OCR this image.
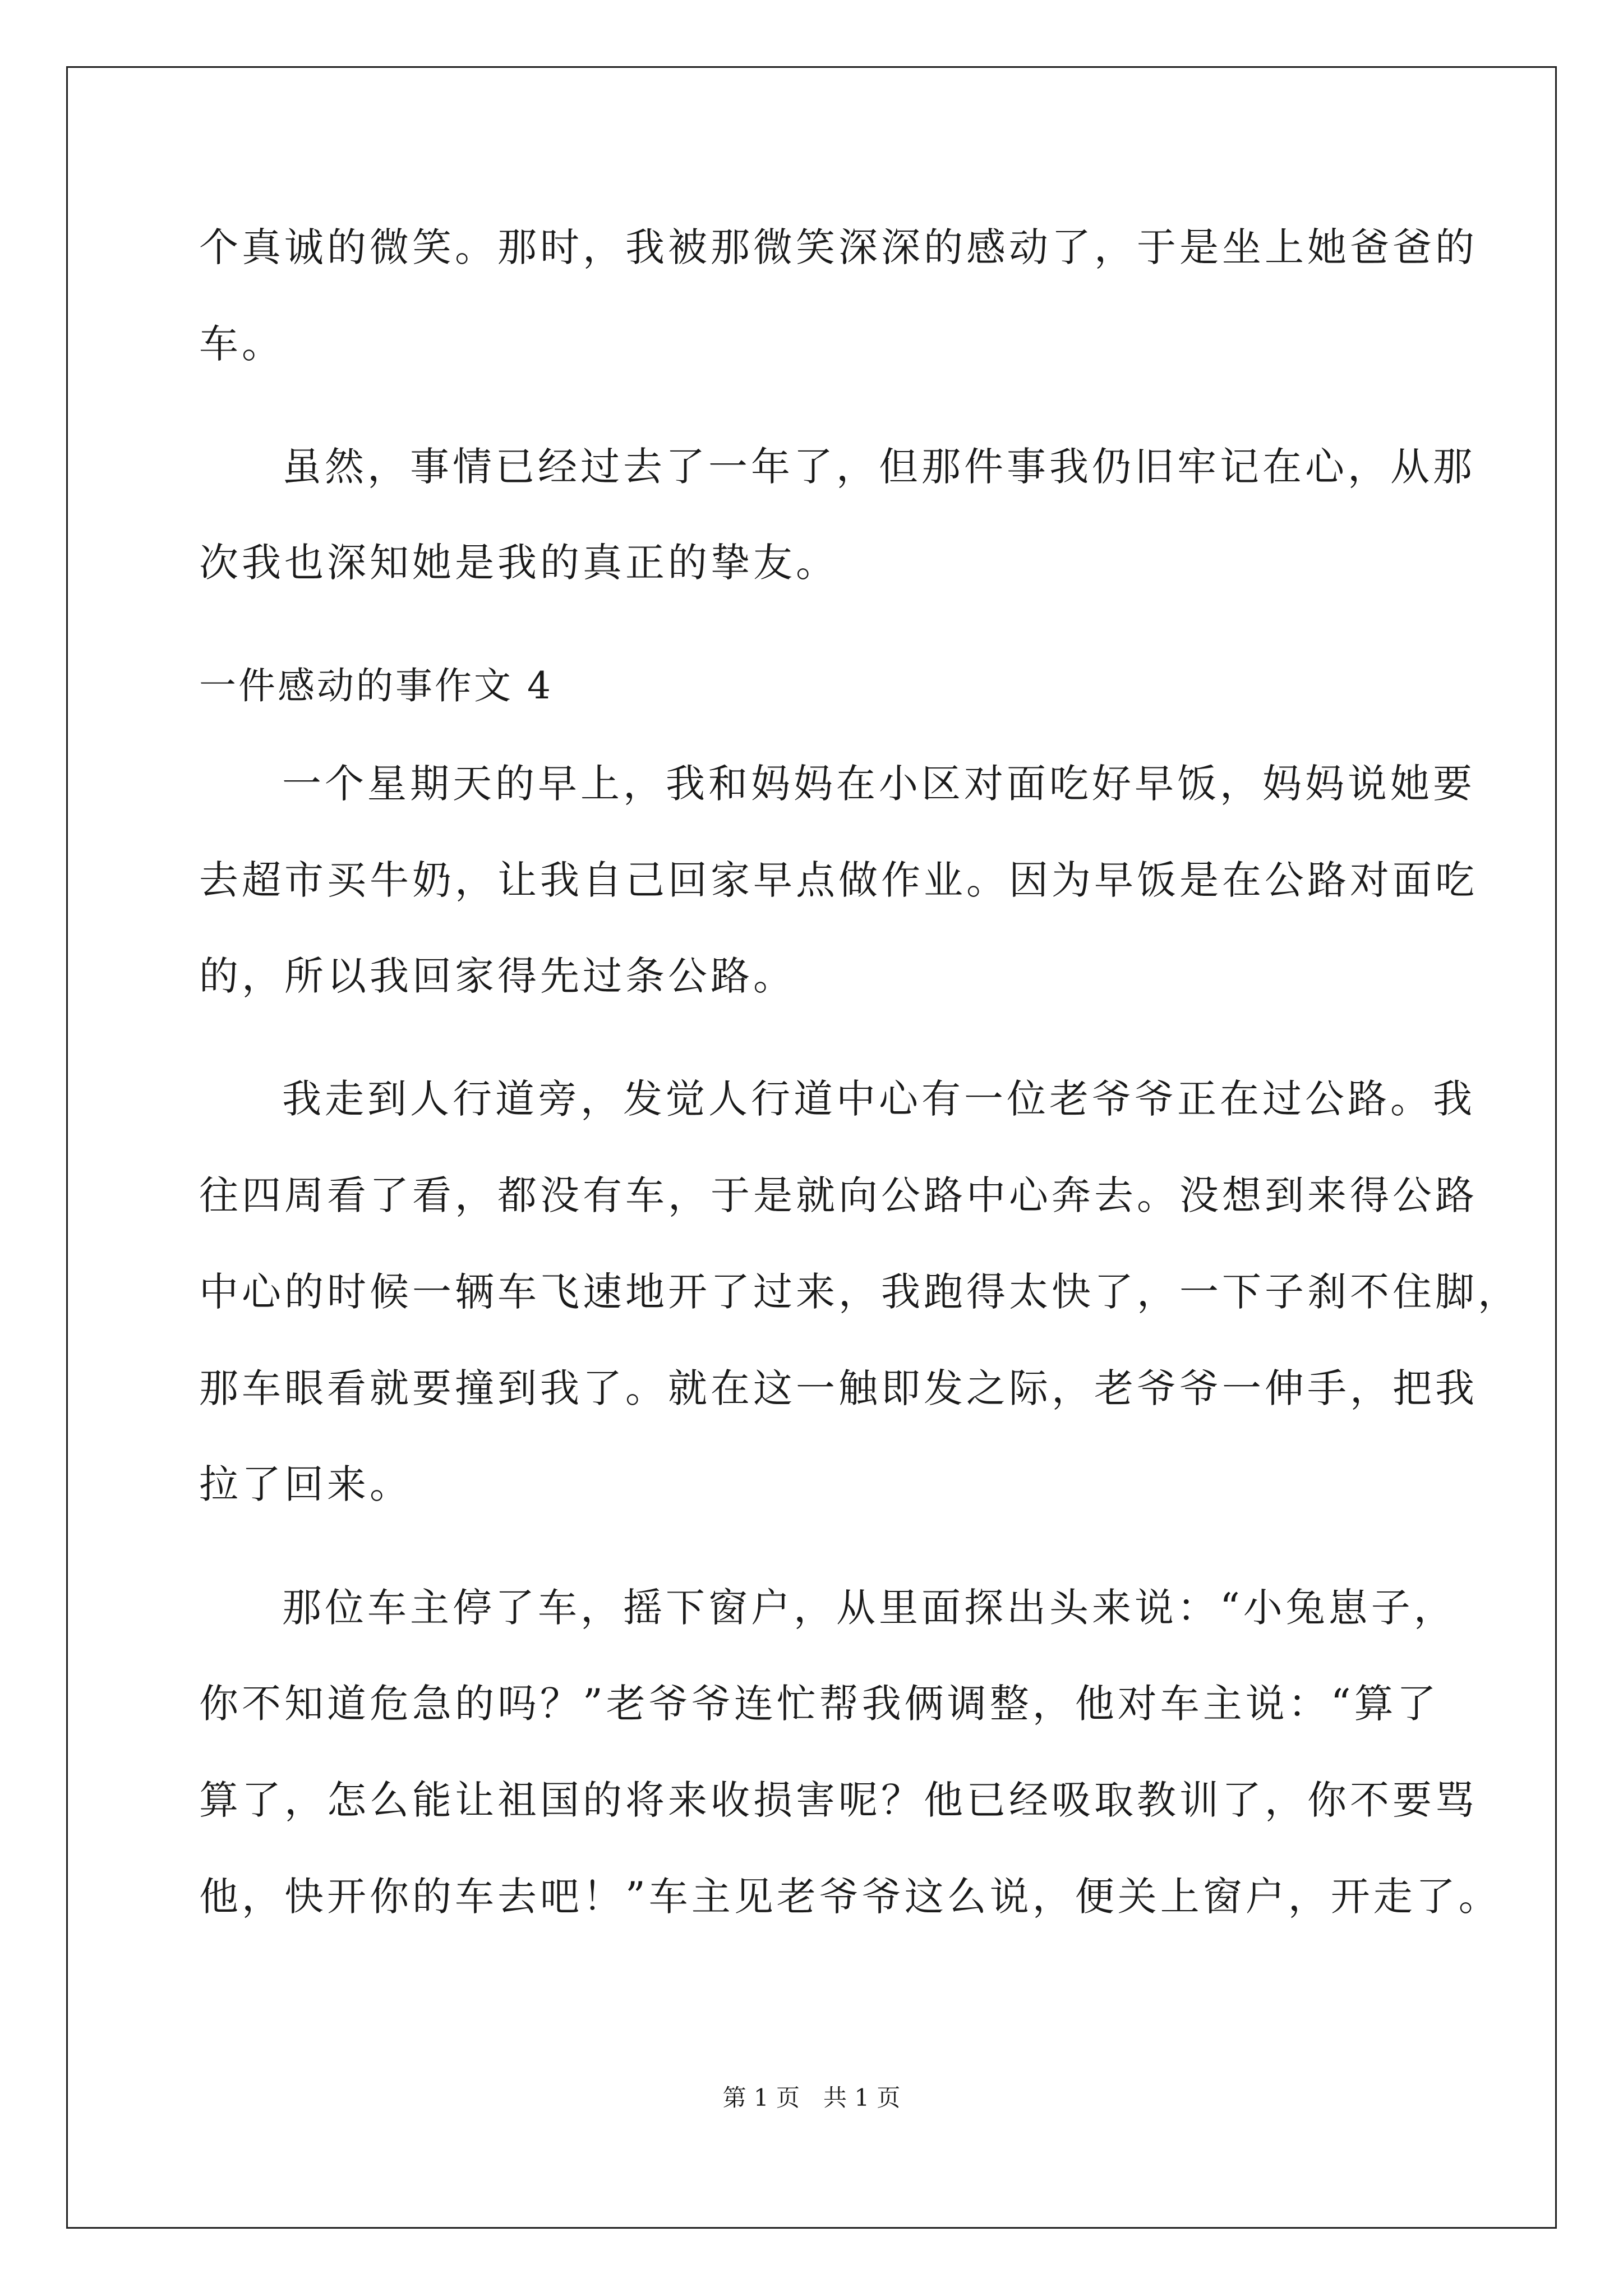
个真诚的微笑。那时，我被那微笑深深的感动了，于是坐上她爸爸的
车。
虽然，事情已经过去了一年了，但那件事我仍旧牢记在心，从那
次我也深知她是我的真正的挚友。
一件感动的事作文 4
一个星期天的早上，我和妈妈在小区对面吃好早饭，妈妈说她要
去超市买牛奶，让我自己回家早点做作业。因为早饭是在公路对面吃
的，所以我回家得先过条公路。
我走到人行道旁，发觉人行道中心有一位老爷爷正在过公路。我
往四周看了看，都没有车，于是就向公路中心奔去。没想到来得公路
中心的时候一辆车飞速地开了过来，我跑得太快了，一下子刹不住脚，
那车眼看就要撞到我了。就在这一触即发之际，老爷爷一伸手，把我
拉了回来。
那位车主停了车，摇下窗户，从里面探出头来说：“小兔崽子，
你不知道危急的吗？”老爷爷连忙帮我俩调整，他对车主说：“算了
算了，怎么能让祖国的将来收损害呢？他已经吸取教训了，你不要骂
他，快开你的车去吧！”车主见老爷爷这么说，便关上窗户，开走了。
第 1 页　共 1 页
